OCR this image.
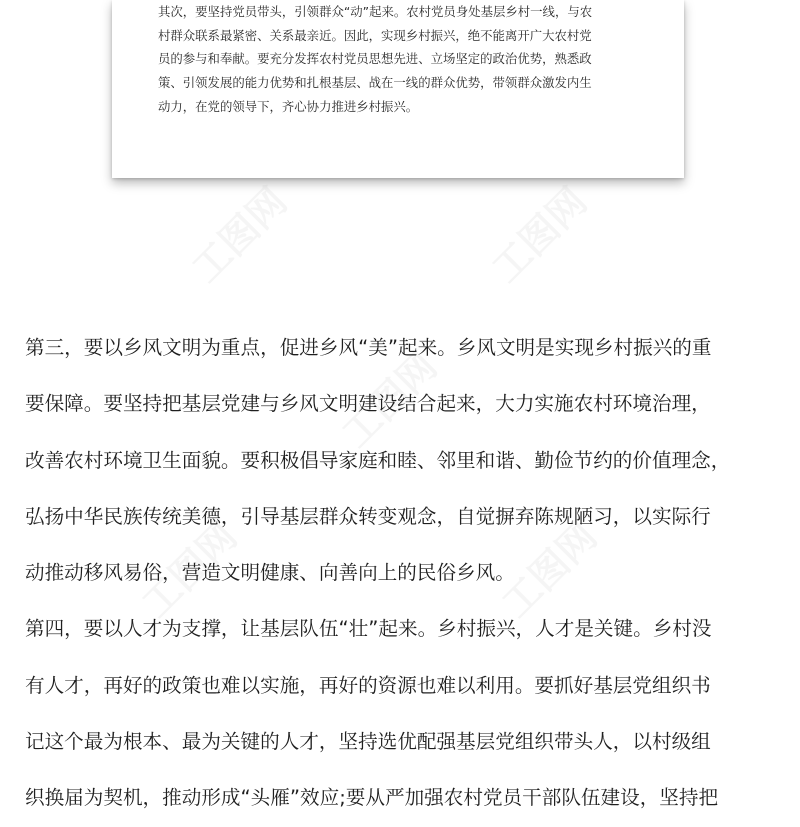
其次，要坚持党员带头，引领群众“动”起来。农村党员身处基层乡村一线，与农
村群众联系最紧密、关系最亲近。因此，实现乡村振兴，绝不能离开广大农村党
员的参与和奉献。要充分发挥农村党员思想先进、立场坚定的政治优势，熟悉政
策、引领发展的能力优势和扎根基层、战在一线的群众优势，带领群众激发内生
动力，在党的领导下，齐心协力推进乡村振兴。

工图网	工图网
工图网
工图网	工图网

第三，要以乡风文明为重点，促进乡风“美”起来。乡风文明是实现乡村振兴的重
要保障。要坚持把基层党建与乡风文明建设结合起来，大力实施农村环境治理，
改善农村环境卫生面貌。要积极倡导家庭和睦、邻里和谐、勤俭节约的价值理念，
弘扬中华民族传统美德，引导基层群众转变观念，自觉摒弃陈规陋习，以实际行
动推动移风易俗，营造文明健康、向善向上的民俗乡风。
第四，要以人才为支撑，让基层队伍“壮”起来。乡村振兴，人才是关键。乡村没
有人才，再好的政策也难以实施，再好的资源也难以利用。要抓好基层党组织书
记这个最为根本、最为关键的人才，坚持选优配强基层党组织带头人，以村级组
织换届为契机，推动形成“头雁”效应;要从严加强农村党员干部队伍建设，坚持把
